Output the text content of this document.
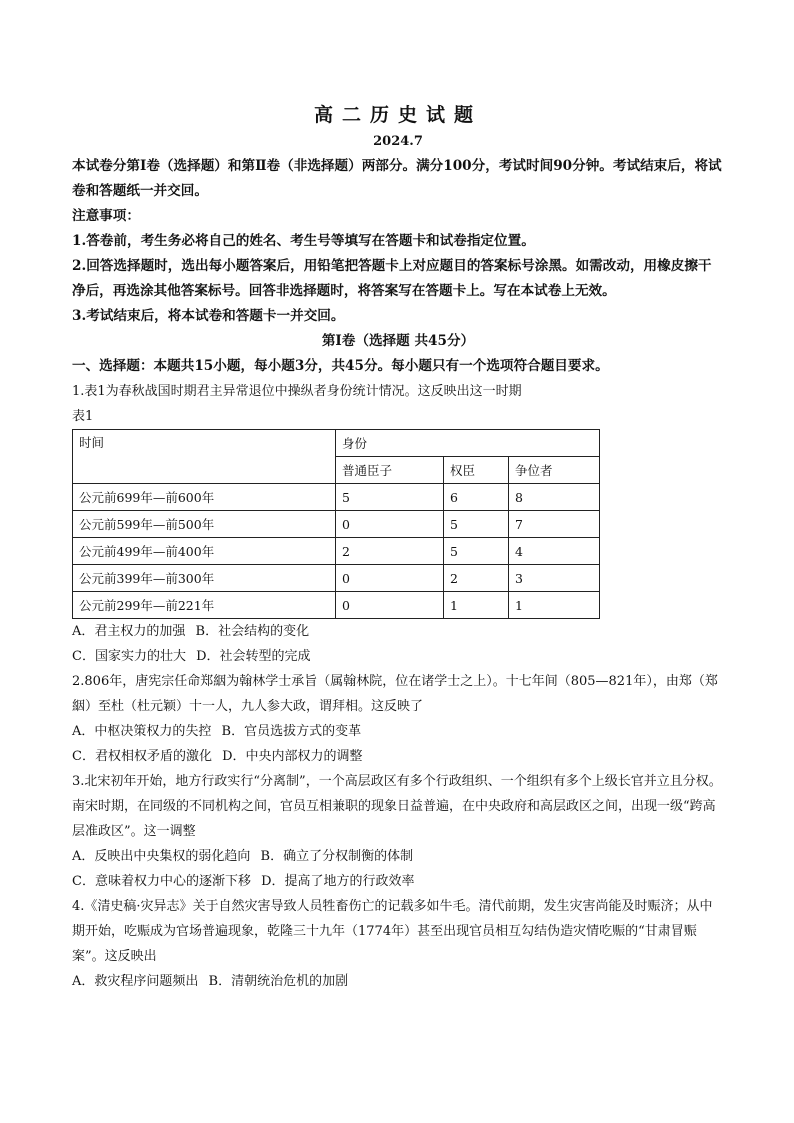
高二历史试题
2024.7

本试卷分第Ⅰ卷（选择题）和第Ⅱ卷（非选择题）两部分。满分100分，考试时间90分钟。考试结束后，将试卷和答题纸一并交回。

注意事项：

1.答卷前，考生务必将自己的姓名、考生号等填写在答题卡和试卷指定位置。

2.回答选择题时，选出每小题答案后，用铅笔把答题卡上对应题目的答案标号涂黑。如需改动，用橡皮擦干净后，再选涂其他答案标号。回答非选择题时，将答案写在答题卡上。写在本试卷上无效。

3.考试结束后，将本试卷和答题卡一并交回。

第Ⅰ卷（选择题 共45分）

一、选择题：本题共15小题，每小题3分，共45分。每小题只有一个选项符合题目要求。

1.表1为春秋战国时期君主异常退位中操纵者身份统计情况。这反映出这一时期

表1

时间	身份		
	普通臣子	权臣	争位者
公元前699年—前600年	5	6	8
公元前599年—前500年	0	5	7
公元前499年—前400年	2	5	4
公元前399年—前300年	0	2	3
公元前299年—前221年	0	1	1

A．君主权力的加强 B．社会结构的变化

C．国家实力的壮大 D．社会转型的完成

2.806年，唐宪宗任命郑絪为翰林学士承旨（属翰林院，位在诸学士之上）。十七年间（805—821年），由郑（郑絪）至杜（杜元颖）十一人，九人参大政，谓拜相。这反映了

A．中枢决策权力的失控 B．官员选拔方式的变革

C．君权相权矛盾的激化 D．中央内部权力的调整

3.北宋初年开始，地方行政实行“分离制”，一个高层政区有多个行政组织、一个组织有多个上级长官并立且分权。南宋时期，在同级的不同机构之间，官员互相兼职的现象日益普遍，在中央政府和高层政区之间，出现一级“跨高层准政区”。这一调整

A．反映出中央集权的弱化趋向 B．确立了分权制衡的体制

C．意味着权力中心的逐渐下移 D．提高了地方的行政效率

4.《清史稿·灾异志》关于自然灾害导致人员牲畜伤亡的记载多如牛毛。清代前期，发生灾害尚能及时赈济；从中期开始，吃赈成为官场普遍现象，乾隆三十九年（1774年）甚至出现官员相互勾结伪造灾情吃赈的“甘肃冒赈案”。这反映出

A．救灾程序问题频出 B．清朝统治危机的加剧
